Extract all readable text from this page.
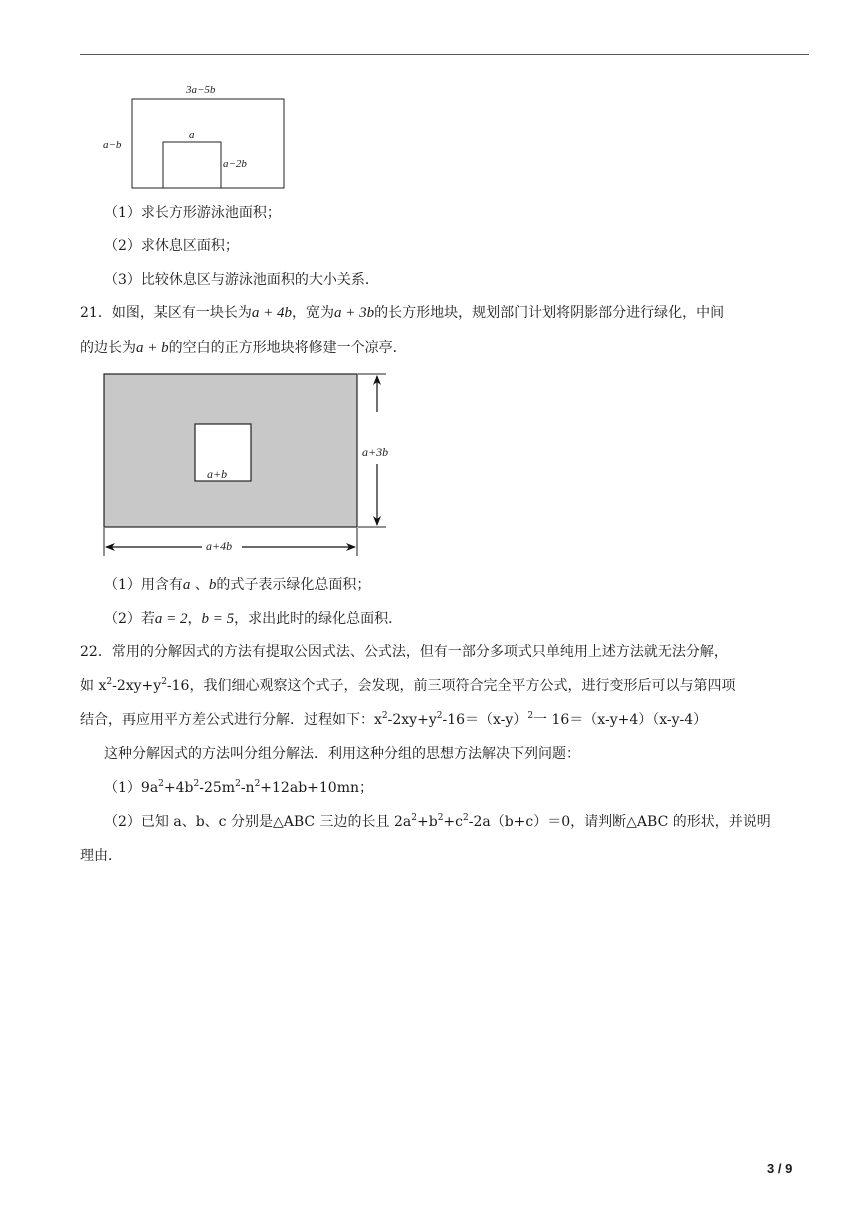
3a−5b
a−b
a
a−2b
（1）求长方形游泳池面积；
（2）求休息区面积；
（3）比较休息区与游泳池面积的大小关系．
21．如图，某区有一块长为a + 4b，宽为a + 3b的长方形地块，规划部门计划将阴影部分进行绿化，中间
的边长为a + b的空白的正方形地块将修建一个凉亭．
a+b
a+3b
a+4b
（1）用含有a 、b的式子表示绿化总面积；
（2）若a = 2，b = 5，求出此时的绿化总面积．
22．常用的分解因式的方法有提取公因式法、公式法，但有一部分多项式只单纯用上述方法就无法分解，
如 $x^2-2xy+y^2-16$，我们细心观察这个式子，会发现，前三项符合完全平方公式，进行变形后可以与第四项
结合，再应用平方差公式进行分解．过程如下：$x^2-2xy+y^2-16=(x-y)^2$一 16＝（x-y+4）（x-y-4）
这种分解因式的方法叫分组分解法．利用这种分组的思想方法解决下列问题：
$(1)9a^2+4b^2-25m^2-n^2+12ab+10mn$；
（2）已知 a、b、c 分别是△ABC 三边的长且 $2a^2+b^2+c^2-2a(b+c)=0$，请判断△ABC 的形状，并说明
理由．
3 / 9
